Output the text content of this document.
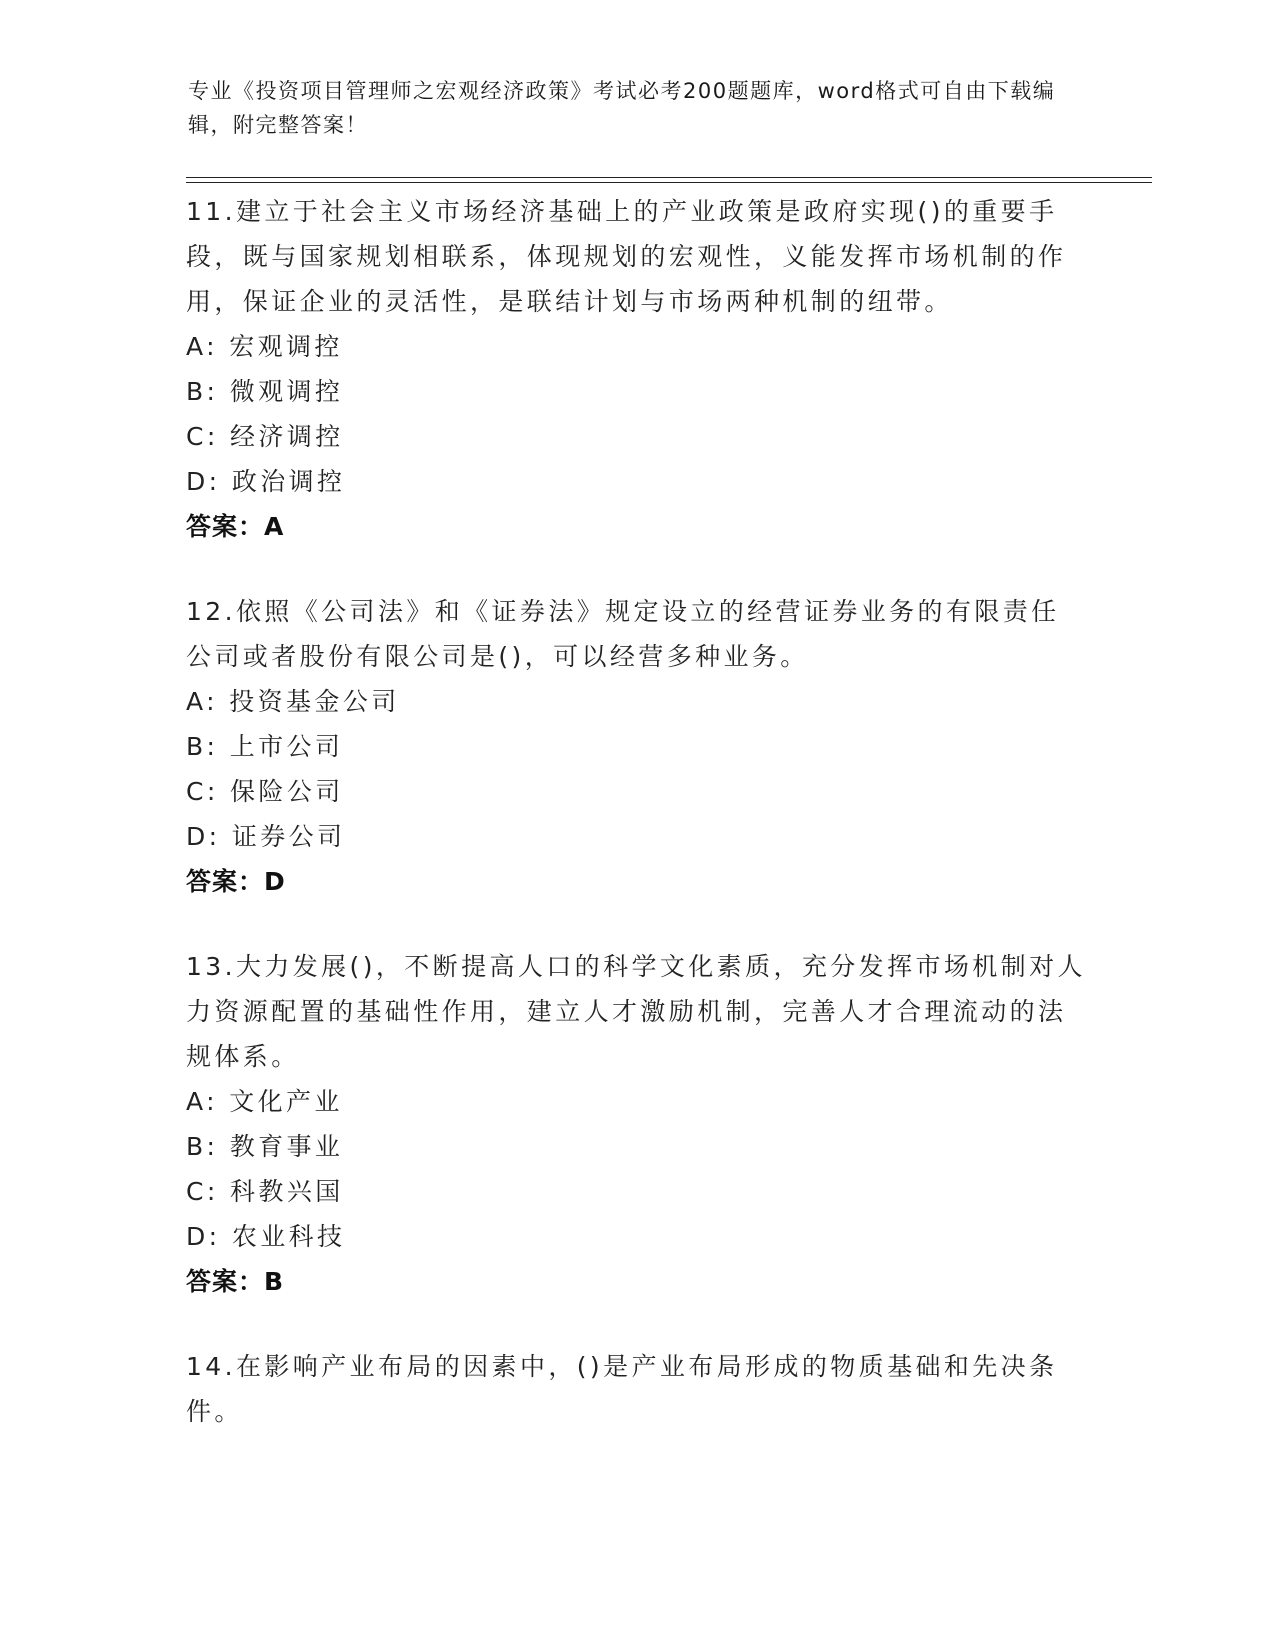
专业《投资项目管理师之宏观经济政策》考试必考200题题库，word格式可自由下载编辑，附完整答案！

11.建立于社会主义市场经济基础上的产业政策是政府实现()的重要手段，既与国家规划相联系，体现规划的宏观性，义能发挥市场机制的作用，保证企业的灵活性，是联结计划与市场两种机制的纽带。

A: 宏观调控
B: 微观调控
C: 经济调控
D: 政治调控
答案：A

12.依照《公司法》和《证券法》规定设立的经营证券业务的有限责任公司或者股份有限公司是()，可以经营多种业务。

A: 投资基金公司
B: 上市公司
C: 保险公司
D: 证券公司
答案：D

13.大力发展()，不断提高人口的科学文化素质，充分发挥市场机制对人力资源配置的基础性作用，建立人才激励机制，完善人才合理流动的法规体系。

A: 文化产业
B: 教育事业
C: 科教兴国
D: 农业科技
答案：B

14.在影响产业布局的因素中，()是产业布局形成的物质基础和先决条件。
